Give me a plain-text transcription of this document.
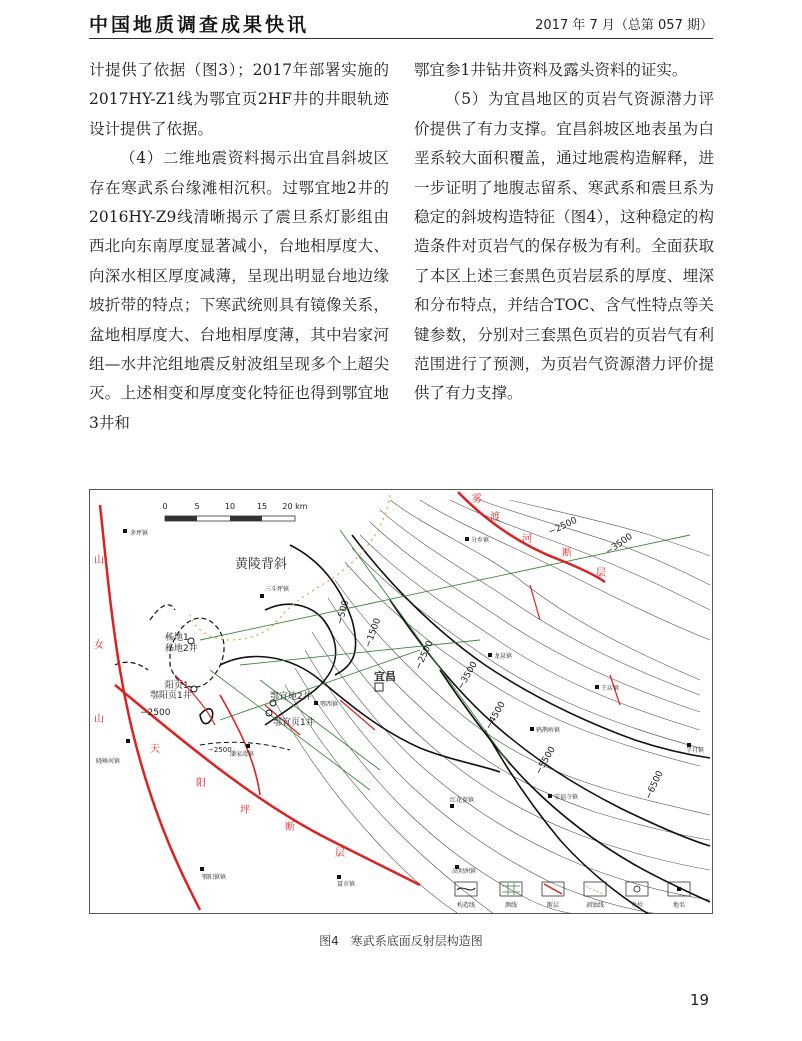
中国地质调查成果快讯	2017 年 7 月（总第 057 期）

计提供了依据（图3）；2017年部署实施的2017HY-Z1线为鄂宜页2HF井的井眼轨迹设计提供了依据。

（4）二维地震资料揭示出宜昌斜坡区存在寒武系台缘滩相沉积。过鄂宜地2井的2016HY-Z9线清晰揭示了震旦系灯影组由西北向东南厚度显著减小，台地相厚度大、向深水相区厚度减薄，呈现出明显台地边缘坡折带的特点；下寒武统则具有镜像关系，盆地相厚度大、台地相厚度薄，其中岩家河组—水井沱组地震反射波组呈现多个上超尖灭。上述相变和厚度变化特征也得到鄂宜地3井和

鄂宜参1井钻井资料及露头资料的证实。

（5）为宜昌地区的页岩气资源潜力评价提供了有力支撑。宜昌斜坡区地表虽为白垩系较大面积覆盖，通过地震构造解释，进一步证明了地腹志留系、寒武系和震旦系为稳定的斜坡构造特征（图4），这种稳定的构造条件对页岩气的保存极为有利。全面获取了本区上述三套黑色页岩层系的厚度、埋深和分布特点，并结合TOC、含气性特点等关键参数，分别对三套黑色页岩的页岩气有利范围进行了预测，为页岩气资源潜力评价提供了有力支撑。

0	5	10	15 20 km
黄陵背斜
宜昌
三斗坪镇
秭地1
秭地2井
阳页1
鄂阳页1井	鄂宜地2井
鄂宜页1井
茅坪镇
分乡镇
龙泉镇
王店镇
鸦鹊岭镇
半月镇
红花套镇	安福寺镇
高坝洲镇
晓峰河镇
潘家湾镇
鄂西镇
鄂阳镇镇
聂市镇
−500
−1500
−2500
−3500
−4500
−5500
−6500
−2500
−3500
−2500
−2500
山
女
山
天
阳
坪
断
层
雾
渡
河
断
层
构造线	测线	断层	剥蚀线	井位	地名
图4　寒武系底面反射层构造图
19
